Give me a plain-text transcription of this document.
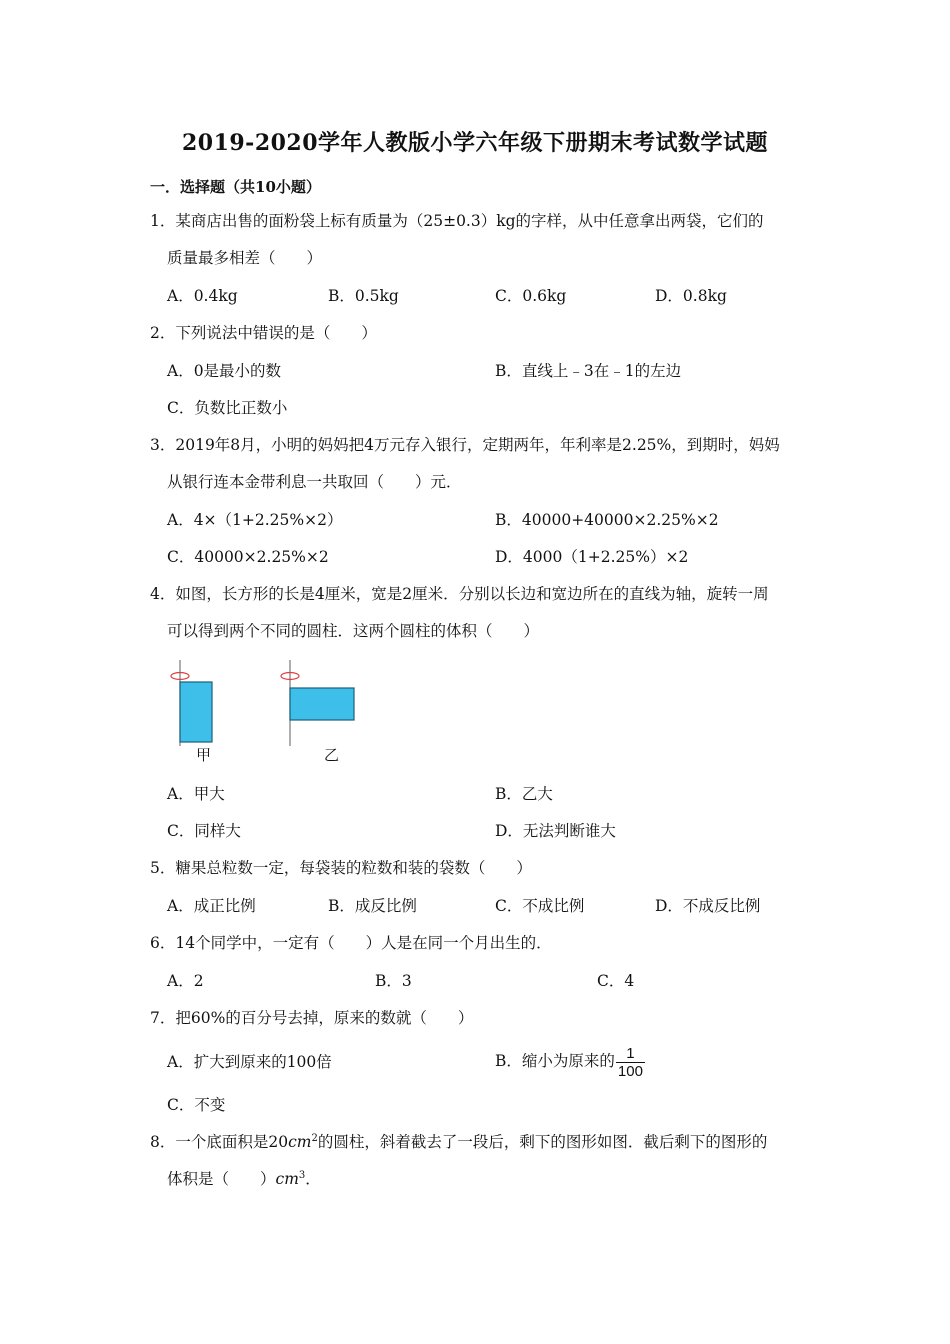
2019-2020学年人教版小学六年级下册期末考试数学试题
一．选择题（共10小题）
1．某商店出售的面粉袋上标有质量为（25±0.3）kg的字样，从中任意拿出两袋，它们的
质量最多相差（　　）
A．0.4kg	B．0.5kg	C．0.6kg	D．0.8kg
2．下列说法中错误的是（　　）
A．0是最小的数	B．直线上﹣3在﹣1的左边
C．负数比正数小
3．2019年8月，小明的妈妈把4万元存入银行，定期两年，年利率是2.25%，到期时，妈妈
从银行连本金带利息一共取回（　　）元．
A．4×（1+2.25%×2）	B．40000+40000×2.25%×2
C．40000×2.25%×2	D．4000（1+2.25%）×2
4．如图，长方形的长是4厘米，宽是2厘米．分别以长边和宽边所在的直线为轴，旋转一周
可以得到两个不同的圆柱．这两个圆柱的体积（　　）
甲	乙
A．甲大	B．乙大
C．同样大	D．无法判断谁大
5．糖果总粒数一定，每袋装的粒数和装的袋数（　　）
A．成正比例	B．成反比例	C．不成比例	D．不成反比例
6．14个同学中，一定有（　　）人是在同一个月出生的．
A．2	B．3	C．4
7．把60%的百分号去掉，原来的数就（　　）
A．扩大到原来的100倍	B．缩小为原来的 $\frac{1}{100}$
C．不变
8．一个底面积是$20cm^2$的圆柱，斜着截去了一段后，剩下的图形如图．截后剩下的图形的
体积是（　　）$cm^3$．
